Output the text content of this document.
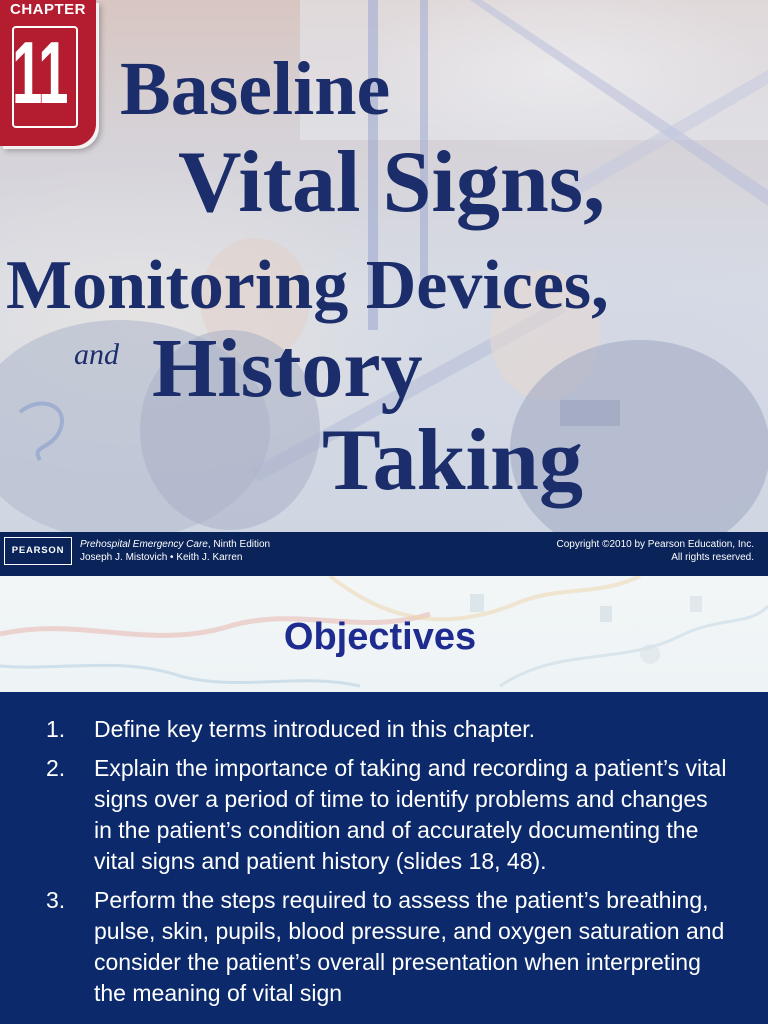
CHAPTER
11 Baseline
Vital Signs,
Monitoring Devices,
and History
Taking
PEARSON
Prehospital Emergency Care, Ninth Edition
Joseph J. Mistovich • Keith J. Karren
Copyright ©2010 by Pearson Education, Inc.
All rights reserved.
Objectives
1. Define key terms introduced in this chapter.
2. Explain the importance of taking and recording a patient’s vital signs over a period of time to identify problems and changes in the patient’s condition and of accurately documenting the vital signs and patient history (slides 18, 48).
3. Perform the steps required to assess the patient’s breathing, pulse, skin, pupils, blood pressure, and oxygen saturation and consider the patient’s overall presentation when interpreting the meaning of vital sign
